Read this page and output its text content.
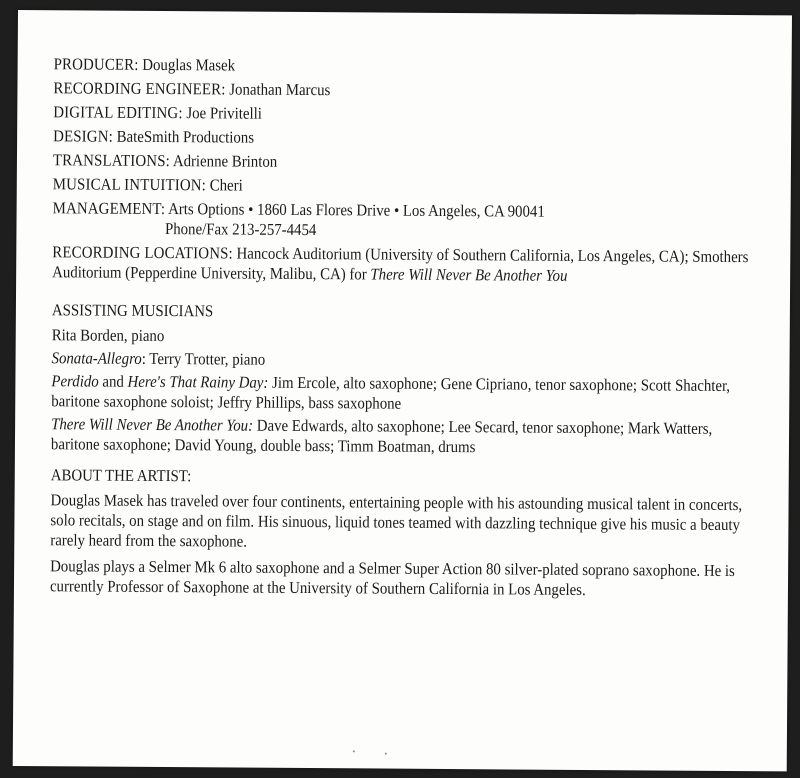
PRODUCER: Douglas Masek

RECORDING ENGINEER: Jonathan Marcus

DIGITAL EDITING: Joe Privitelli

DESIGN: BateSmith Productions

TRANSLATIONS: Adrienne Brinton

MUSICAL INTUITION: Cheri

MANAGEMENT: Arts Options • 1860 Las Flores Drive • Los Angeles, CA 90041
Phone/Fax 213-257-4454

RECORDING LOCATIONS: Hancock Auditorium (University of Southern California, Los Angeles, CA); Smothers Auditorium (Pepperdine University, Malibu, CA) for There Will Never Be Another You

ASSISTING MUSICIANS

Rita Borden, piano

Sonata-Allegro: Terry Trotter, piano

Perdido and Here's That Rainy Day: Jim Ercole, alto saxophone; Gene Cipriano, tenor saxophone; Scott Shachter, baritone saxophone soloist; Jeffry Phillips, bass saxophone

There Will Never Be Another You: Dave Edwards, alto saxophone; Lee Secard, tenor saxophone; Mark Watters, baritone saxophone; David Young, double bass; Timm Boatman, drums

ABOUT THE ARTIST:

Douglas Masek has traveled over four continents, entertaining people with his astounding musical talent in concerts, solo recitals, on stage and on film. His sinuous, liquid tones teamed with dazzling technique give his music a beauty rarely heard from the saxophone.

Douglas plays a Selmer Mk 6 alto saxophone and a Selmer Super Action 80 silver-plated soprano saxophone. He is currently Professor of Saxophone at the University of Southern California in Los Angeles.
